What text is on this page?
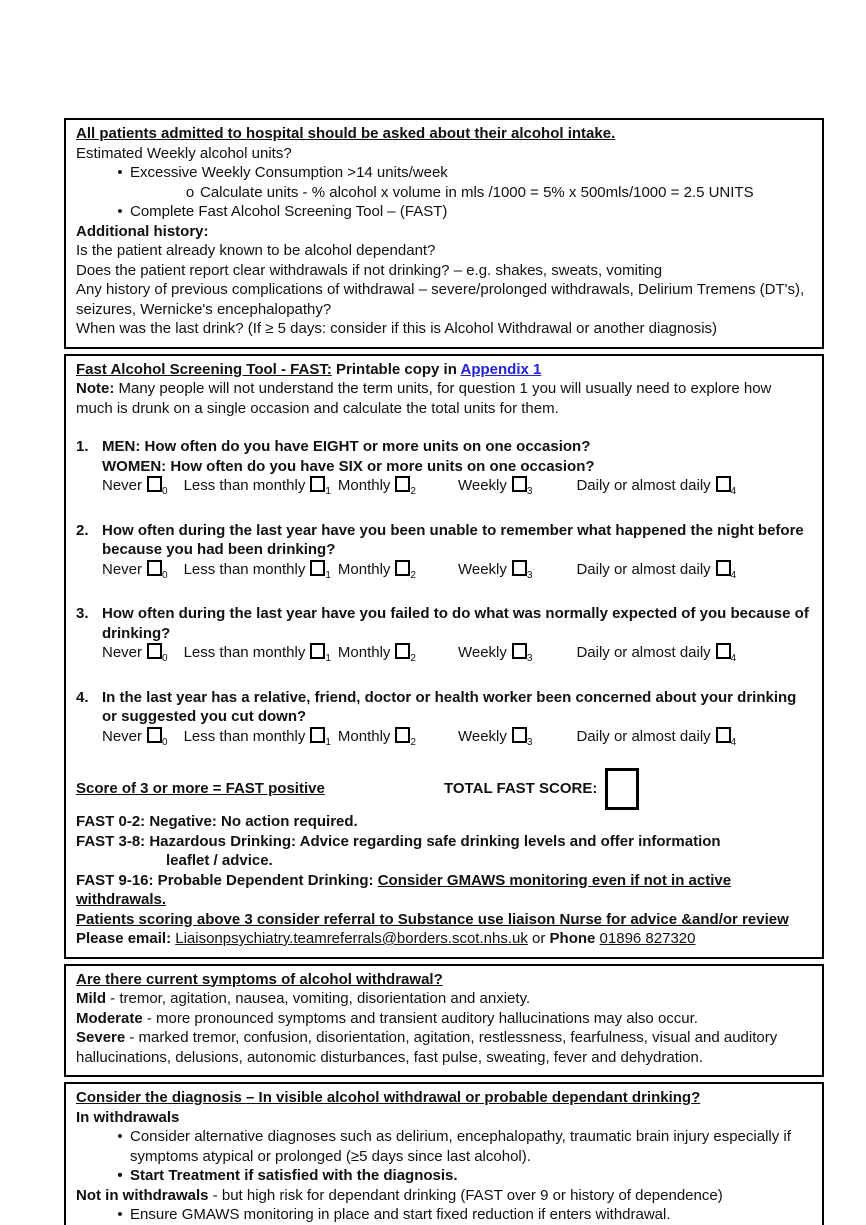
All patients admitted to hospital should be asked about their alcohol intake.
Estimated Weekly alcohol units?
• Excessive Weekly Consumption >14 units/week
o Calculate units - % alcohol x volume in mls /1000 = 5% x 500mls/1000 = 2.5 UNITS
• Complete Fast Alcohol Screening Tool – (FAST)
Additional history:
Is the patient already known to be alcohol dependant?
Does the patient report clear withdrawals if not drinking? – e.g. shakes, sweats, vomiting
Any history of previous complications of withdrawal – severe/prolonged withdrawals, Delirium Tremens (DT's), seizures, Wernicke's encephalopathy?
When was the last drink? (If ≥ 5 days: consider if this is Alcohol Withdrawal or another diagnosis)
Fast Alcohol Screening Tool - FAST: Printable copy in Appendix 1
Note: Many people will not understand the term units, for question 1 you will usually need to explore how much is drunk on a single occasion and calculate the total units for them.
1. MEN: How often do you have EIGHT or more units on one occasion?
WOMEN: How often do you have SIX or more units on one occasion?
Never $_0$ Less than monthly $_1$ Monthly $_2$	Weekly $_3$	Daily or almost daily $_4$
2. How often during the last year have you been unable to remember what happened the night before because you had been drinking?
Never $_0$ Less than monthly $_1$ Monthly $_2$	Weekly $_3$	Daily or almost daily $_4$
3. How often during the last year have you failed to do what was normally expected of you because of drinking?
Never $_0$ Less than monthly $_1$ Monthly $_2$	Weekly $_3$	Daily or almost daily $_4$
4. In the last year has a relative, friend, doctor or health worker been concerned about your drinking or suggested you cut down?
Never $_0$ Less than monthly $_1$ Monthly $_2$	Weekly $_3$	Daily or almost daily $_4$
Score of 3 or more = FAST positive	TOTAL FAST SCORE:
FAST 0-2: Negative: No action required.
FAST 3-8: Hazardous Drinking: Advice regarding safe drinking levels and offer information
leaflet / advice.
FAST 9-16: Probable Dependent Drinking: Consider GMAWS monitoring even if not in active withdrawals.
Patients scoring above 3 consider referral to Substance use liaison Nurse for advice &and/or review
Please email: Liaisonpsychiatry.teamreferrals@borders.scot.nhs.uk or Phone 01896 827320
Are there current symptoms of alcohol withdrawal?
Mild - tremor, agitation, nausea, vomiting, disorientation and anxiety.
Moderate - more pronounced symptoms and transient auditory hallucinations may also occur.
Severe - marked tremor, confusion, disorientation, agitation, restlessness, fearfulness, visual and auditory hallucinations, delusions, autonomic disturbances, fast pulse, sweating, fever and dehydration.
Consider the diagnosis – In visible alcohol withdrawal or probable dependant drinking?
In withdrawals
• Consider alternative diagnoses such as delirium, encephalopathy, traumatic brain injury especially if symptoms atypical or prolonged (≥5 days since last alcohol).
• Start Treatment if satisfied with the diagnosis.
Not in withdrawals - but high risk for dependant drinking (FAST over 9 or history of dependence)
• Ensure GMAWS monitoring in place and start fixed reduction if enters withdrawal.
